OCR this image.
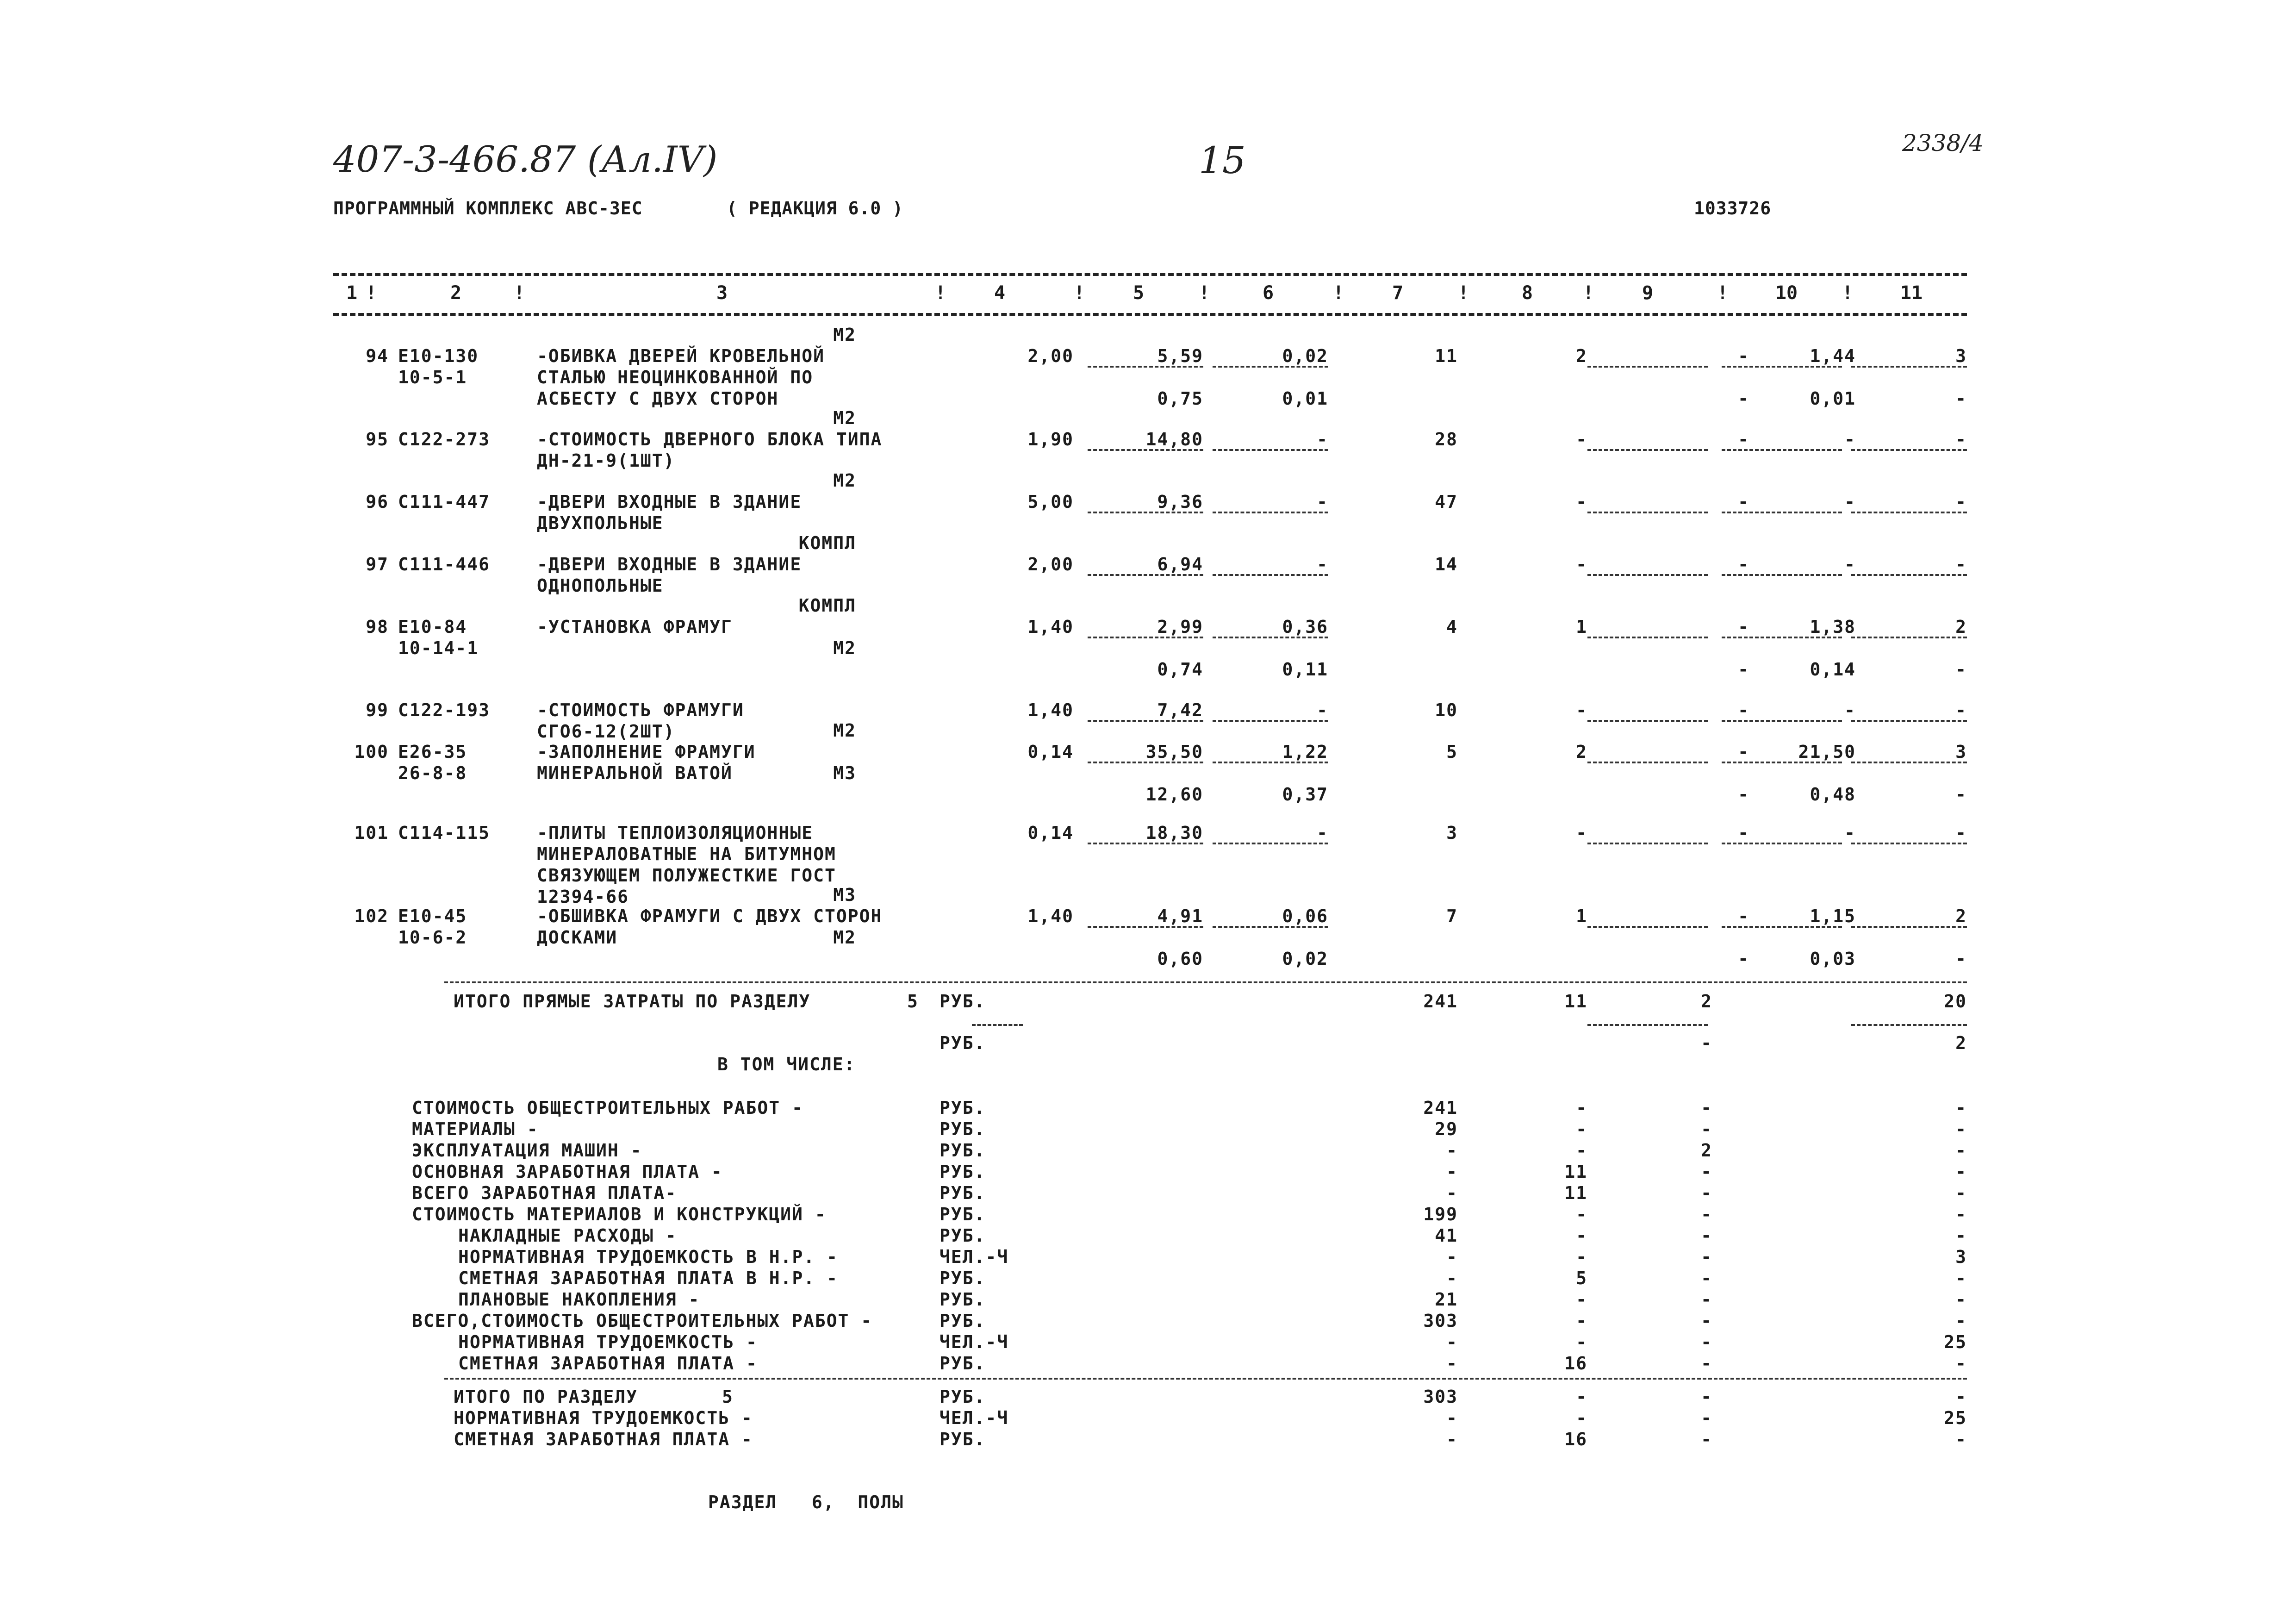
407-3-466.87 (Ал.IV)	15	2338/4
ПРОГРАММНЫЙ КОМПЛЕКС АВС-ЗЕС	( РЕДАКЦИЯ 6.0 )	1033726
1	2	3	4	5	6	7	8	9	10	11
!	!	!	!	!	!	!	!	!	!
М2
94 Е10-130	-ОБИВКА ДВЕРЕЙ КРОВЕЛЬНОЙ	2,00	5,59	0,02	11	2	-	1,44	3
10-5-1	СТАЛЬЮ НЕОЦИНКОВАННОЙ ПО
АСБЕСТУ С ДВУХ СТОРОН	0,75	0,01	-	0,01	-
М2
95 С122-273	-СТОИМОСТЬ ДВЕРНОГО БЛОКА ТИПА	1,90	14,80	-	28	-	-	-	-
ДН-21-9(1ШТ)
М2
96 С111-447	-ДВЕРИ ВХОДНЫЕ В ЗДАНИЕ	5,00	9,36	-	47	-	-	-	-
ДВУХПОЛЬНЫЕ
КОМПЛ
97 С111-446	-ДВЕРИ ВХОДНЫЕ В ЗДАНИЕ	2,00	6,94	-	14	-	-	-	-
ОДНОПОЛЬНЫЕ
КОМПЛ
98 Е10-84	-УСТАНОВКА ФРАМУГ	1,40	2,99	0,36	4	1	-	1,38	2
10-14-1	М2
0,74	0,11	-	0,14	-
99 С122-193	-СТОИМОСТЬ ФРАМУГИ	1,40	7,42	-	10	-	-	-	-
СГО6-12(2ШТ)	М2
100 Е26-35	-ЗАПОЛНЕНИЕ ФРАМУГИ	0,14	35,50	1,22	5	2	-	21,50	3
26-8-8	МИНЕРАЛЬНОЙ ВАТОЙ	М3
12,60	0,37	-	0,48	-
101 С114-115	-ПЛИТЫ ТЕПЛОИЗОЛЯЦИОННЫЕ	0,14	18,30	-	3	-	-	-	-
МИНЕРАЛОВАТНЫЕ НА БИТУМНОМ
СВЯЗУЮЩЕМ ПОЛУЖЕСТКИЕ ГОСТ
12394-66	М3
102 Е10-45	-ОБШИВКА ФРАМУГИ С ДВУХ СТОРОН	1,40	4,91	0,06	7	1	-	1,15	2
10-6-2	ДОСКАМИ	М2
0,60	0,02	-	0,03	-
ИТОГО ПРЯМЫЕ ЗАТРАТЫ ПО РАЗДЕЛУ	5	РУБ.	241	11	2	20
РУБ.	-	2
В ТОМ ЧИСЛЕ:
СТОИМОСТЬ ОБЩЕСТРОИТЕЛЬНЫХ РАБОТ -	РУБ.	241	-	-	-
МАТЕРИАЛЫ -	РУБ.	29	-	-	-
ЭКСПЛУАТАЦИЯ МАШИН -	РУБ.	-	-	2	-
ОСНОВНАЯ ЗАРАБОТНАЯ ПЛАТА -	РУБ.	-	11	-	-
ВСЕГО ЗАРАБОТНАЯ ПЛАТА-	РУБ.	-	11	-	-
СТОИМОСТЬ МАТЕРИАЛОВ И КОНСТРУКЦИЙ -	РУБ.	199	-	-	-
НАКЛАДНЫЕ РАСХОДЫ -	РУБ.	41	-	-	-
НОРМАТИВНАЯ ТРУДОЕМКОСТЬ В Н.Р. -	ЧЕЛ.-Ч	-	-	-	3
СМЕТНАЯ ЗАРАБОТНАЯ ПЛАТА В Н.Р. -	РУБ.	-	5	-	-
ПЛАНОВЫЕ НАКОПЛЕНИЯ -	РУБ.	21	-	-	-
ВСЕГО,СТОИМОСТЬ ОБЩЕСТРОИТЕЛЬНЫХ РАБОТ -	РУБ.	303	-	-	-
НОРМАТИВНАЯ ТРУДОЕМКОСТЬ -	ЧЕЛ.-Ч	-	-	-	25
СМЕТНАЯ ЗАРАБОТНАЯ ПЛАТА -	РУБ.	-	16	-	-
ИТОГО ПО РАЗДЕЛУ	5	РУБ.	303	-	-	-
НОРМАТИВНАЯ ТРУДОЕМКОСТЬ -	ЧЕЛ.-Ч	-	-	-	25
СМЕТНАЯ ЗАРАБОТНАЯ ПЛАТА -	РУБ.	-	16	-	-
РАЗДЕЛ   6,  ПОЛЫ
